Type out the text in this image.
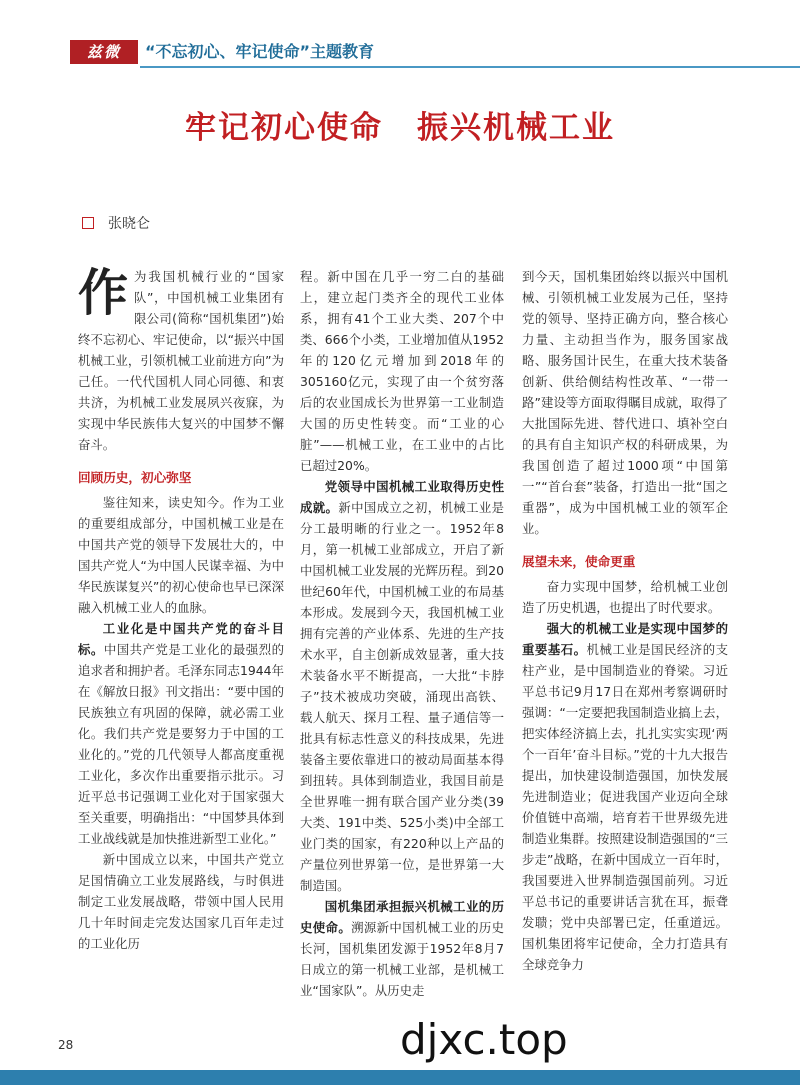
兹微	“不忘初心、牢记使命”主题教育
牢记初心使命 振兴机械工业
张晓仑

作为我国机械行业的“国家队”，中国机械工业集团有限公司(简称“国机集团”)始终不忘初心、牢记使命，以“振兴中国机械工业，引领机械工业前进方向”为己任。一代代国机人同心同德、和衷共济，为机械工业发展夙兴夜寐，为实现中华民族伟大复兴的中国梦不懈奋斗。

回顾历史，初心弥坚

鉴往知来，读史知今。作为工业的重要组成部分，中国机械工业是在中国共产党的领导下发展壮大的，中国共产党人“为中国人民谋幸福、为中华民族谋复兴”的初心使命也早已深深融入机械工业人的血脉。

工业化是中国共产党的奋斗目标。中国共产党是工业化的最强烈的追求者和拥护者。毛泽东同志1944年在《解放日报》刊文指出：“要中国的民族独立有巩固的保障，就必需工业化。我们共产党是要努力于中国的工业化的。”党的几代领导人都高度重视工业化，多次作出重要指示批示。习近平总书记强调工业化对于国家强大至关重要，明确指出：“中国梦具体到工业战线就是加快推进新型工业化。”

新中国成立以来，中国共产党立足国情确立工业发展路线，与时俱进制定工业发展战略，带领中国人民用几十年时间走完发达国家几百年走过的工业化历

程。新中国在几乎一穷二白的基础上，建立起门类齐全的现代工业体系，拥有41个工业大类、207个中类、666个小类，工业增加值从1952年的120亿元增加到2018年的305160亿元，实现了由一个贫穷落后的农业国成长为世界第一工业制造大国的历史性转变。而“工业的心脏”——机械工业，在工业中的占比已超过20%。

党领导中国机械工业取得历史性成就。新中国成立之初，机械工业是分工最明晰的行业之一。1952年8月，第一机械工业部成立，开启了新中国机械工业发展的光辉历程。到20世纪60年代，中国机械工业的布局基本形成。发展到今天，我国机械工业拥有完善的产业体系、先进的生产技术水平，自主创新成效显著，重大技术装备水平不断提高，一大批“卡脖子”技术被成功突破，涌现出高铁、载人航天、探月工程、量子通信等一批具有标志性意义的科技成果，先进装备主要依靠进口的被动局面基本得到扭转。具体到制造业，我国目前是全世界唯一拥有联合国产业分类(39大类、191中类、525小类)中全部工业门类的国家，有220种以上产品的产量位列世界第一位，是世界第一大制造国。

国机集团承担振兴机械工业的历史使命。溯源新中国机械工业的历史长河，国机集团发源于1952年8月7日成立的第一机械工业部，是机械工业“国家队”。从历史走

到今天，国机集团始终以振兴中国机械、引领机械工业发展为己任，坚持党的领导、坚持正确方向，整合核心力量、主动担当作为，服务国家战略、服务国计民生，在重大技术装备创新、供给侧结构性改革、“一带一路”建设等方面取得瞩目成就，取得了大批国际先进、替代进口、填补空白的具有自主知识产权的科研成果，为我国创造了超过1000项“中国第一”“首台套”装备，打造出一批“国之重器”，成为中国机械工业的领军企业。

展望未来，使命更重

奋力实现中国梦，给机械工业创造了历史机遇，也提出了时代要求。

强大的机械工业是实现中国梦的重要基石。机械工业是国民经济的支柱产业，是中国制造业的脊梁。习近平总书记9月17日在郑州考察调研时强调：“一定要把我国制造业搞上去，把实体经济搞上去，扎扎实实实现‘两个一百年’奋斗目标。”党的十九大报告提出，加快建设制造强国，加快发展先进制造业；促进我国产业迈向全球价值链中高端，培育若干世界级先进制造业集群。按照建设制造强国的“三步走”战略，在新中国成立一百年时，我国要进入世界制造强国前列。习近平总书记的重要讲话言犹在耳，振聋发聩；党中央部署已定，任重道远。国机集团将牢记使命，全力打造具有全球竞争力

28	djxc.top
